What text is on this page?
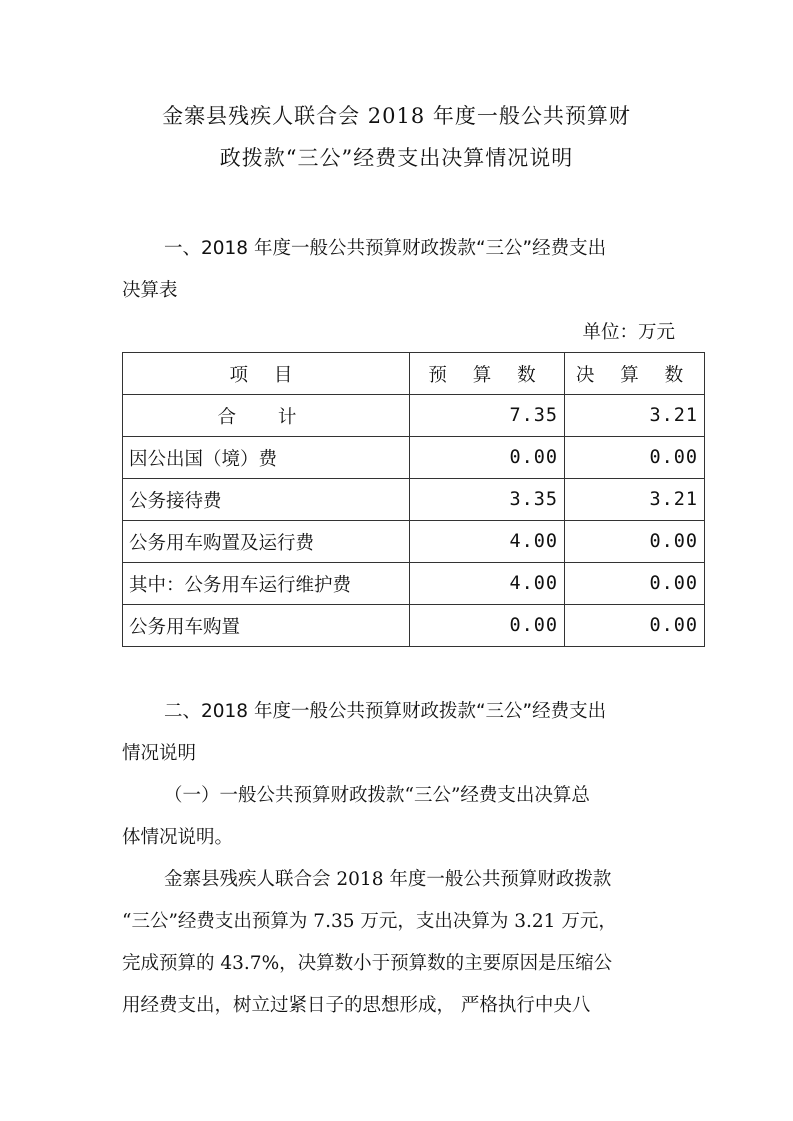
金寨县残疾人联合会 2018 年度一般公共预算财
政拨款“三公”经费支出决算情况说明
一、2018 年度一般公共预算财政拨款“三公”经费支出
决算表
单位：万元
项 目	预 算 数	决 算 数
合 计	7.35	3.21
因公出国（境）费	0.00	0.00
公务接待费	3.35	3.21
公务用车购置及运行费	4.00	0.00
其中：公务用车运行维护费	4.00	0.00
公务用车购置	0.00	0.00
二、2018 年度一般公共预算财政拨款“三公”经费支出
情况说明
（一）一般公共预算财政拨款“三公”经费支出决算总
体情况说明。
金寨县残疾人联合会 2018 年度一般公共预算财政拨款
“三公”经费支出预算为 7.35 万元，支出决算为 3.21 万元，
完成预算的 43.7%，决算数小于预算数的主要原因是压缩公
用经费支出，树立过紧日子的思想形成， 严格执行中央八
